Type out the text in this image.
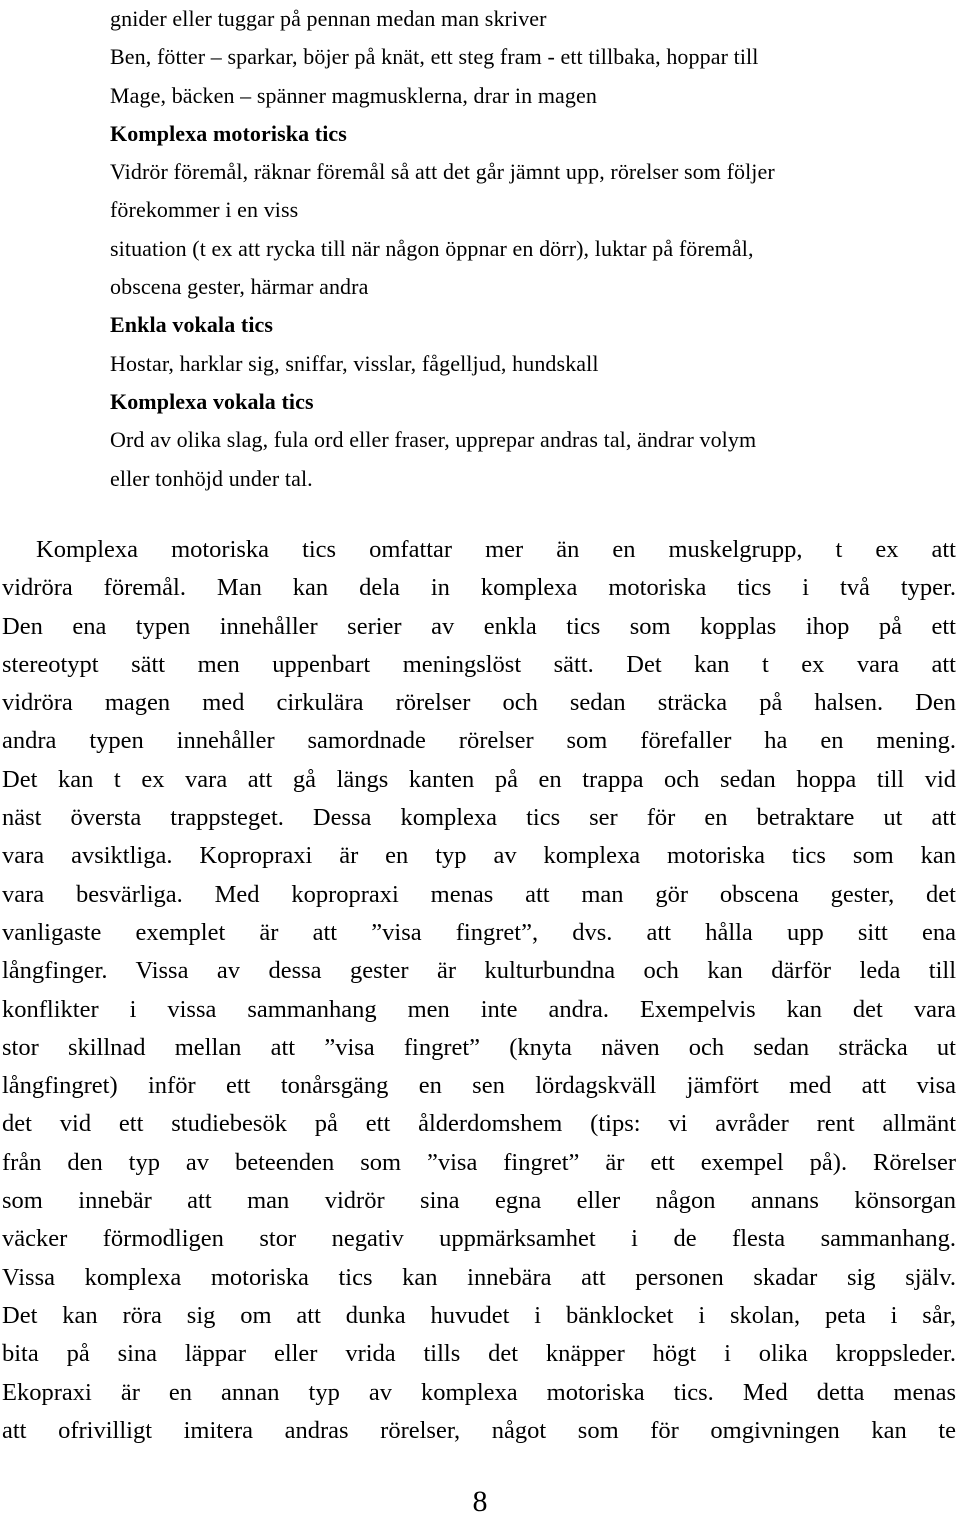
gnider eller tuggar på pennan medan man skriver
Ben, fötter – sparkar, böjer på knät, ett steg fram - ett tillbaka, hoppar till
Mage, bäcken – spänner magmusklerna, drar in magen
Komplexa motoriska tics
Vidrör föremål, räknar föremål så att det går jämnt upp, rörelser som följer
förekommer i en viss
situation (t ex att rycka till när någon öppnar en dörr), luktar på föremål,
obscena gester, härmar andra
Enkla vokala tics
Hostar, harklar sig, sniffar, visslar, fågelljud, hundskall
Komplexa vokala tics
Ord av olika slag, fula ord eller fraser, upprepar andras tal, ändrar volym
eller tonhöjd under tal.
Komplexa motoriska tics omfattar mer än en muskelgrupp, t ex att
vidröra föremål. Man kan dela in komplexa motoriska tics i två typer.
Den ena typen innehåller serier av enkla tics som kopplas ihop på ett
stereotypt sätt men uppenbart meningslöst sätt. Det kan t ex vara att
vidröra magen med cirkulära rörelser och sedan sträcka på halsen. Den
andra typen innehåller samordnade rörelser som förefaller ha en mening.
Det kan t ex vara att gå längs kanten på en trappa och sedan hoppa till vid
näst översta trappsteget. Dessa komplexa tics ser för en betraktare ut att
vara avsiktliga. Kopropraxi är en typ av komplexa motoriska tics som kan
vara besvärliga. Med kopropraxi menas att man gör obscena gester, det
vanligaste exemplet är att ”visa fingret”, dvs. att hålla upp sitt ena
långfinger. Vissa av dessa gester är kulturbundna och kan därför leda till
konflikter i vissa sammanhang men inte andra. Exempelvis kan det vara
stor skillnad mellan att ”visa fingret” (knyta näven och sedan sträcka ut
långfingret) inför ett tonårsgäng en sen lördagskväll jämfört med att visa
det vid ett studiebesök på ett ålderdomshem (tips: vi avråder rent allmänt
från den typ av beteenden som ”visa fingret” är ett exempel på). Rörelser
som innebär att man vidrör sina egna eller någon annans könsorgan
väcker förmodligen stor negativ uppmärksamhet i de flesta sammanhang.
Vissa komplexa motoriska tics kan innebära att personen skadar sig själv.
Det kan röra sig om att dunka huvudet i bänklocket i skolan, peta i sår,
bita på sina läppar eller vrida tills det knäpper högt i olika kroppsleder.
Ekopraxi är en annan typ av komplexa motoriska tics. Med detta menas
att ofrivilligt imitera andras rörelser, något som för omgivningen kan te
8
